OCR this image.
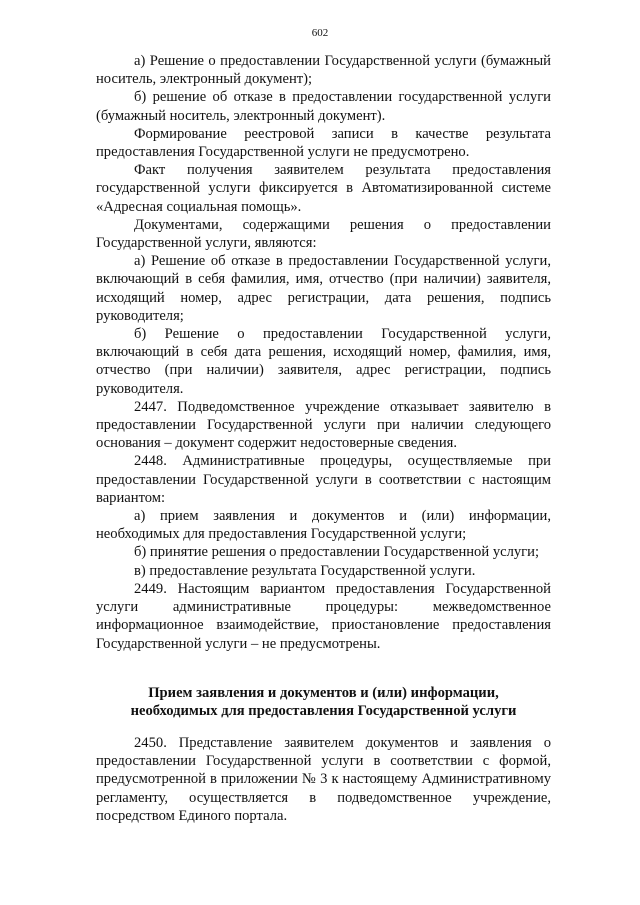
602

а) Решение о предоставлении Государственной услуги (бумажный носитель, электронный документ);

б) решение об отказе в предоставлении государственной услуги (бумажный носитель, электронный документ).

Формирование реестровой записи в качестве результата предоставления Государственной услуги не предусмотрено.

Факт получения заявителем результата предоставления государственной услуги фиксируется в Автоматизированной системе «Адресная социальная помощь».

Документами, содержащими решения о предоставлении Государственной услуги, являются:

а) Решение об отказе в предоставлении Государственной услуги, включающий в себя фамилия, имя, отчество (при наличии) заявителя, исходящий номер, адрес регистрации, дата решения, подпись руководителя;

б) Решение о предоставлении Государственной услуги, включающий в себя дата решения, исходящий номер, фамилия, имя, отчество (при наличии) заявителя, адрес регистрации, подпись руководителя.

2447. Подведомственное учреждение отказывает заявителю в предоставлении Государственной услуги при наличии следующего основания – документ содержит недостоверные сведения.

2448. Административные процедуры, осуществляемые при предоставлении Государственной услуги в соответствии с настоящим вариантом:

а) прием заявления и документов и (или) информации, необходимых для предоставления Государственной услуги;

б) принятие решения о предоставлении Государственной услуги;

в) предоставление результата Государственной услуги.

2449. Настоящим вариантом предоставления Государственной услуги административные процедуры: межведомственное информационное взаимодействие, приостановление предоставления Государственной услуги – не предусмотрены.

Прием заявления и документов и (или) информации,
необходимых для предоставления Государственной услуги

2450. Представление заявителем документов и заявления о предоставлении Государственной услуги в соответствии с формой, предусмотренной в приложении № 3 к настоящему Административному регламенту, осуществляется в подведомственное учреждение, посредством Единого портала.
